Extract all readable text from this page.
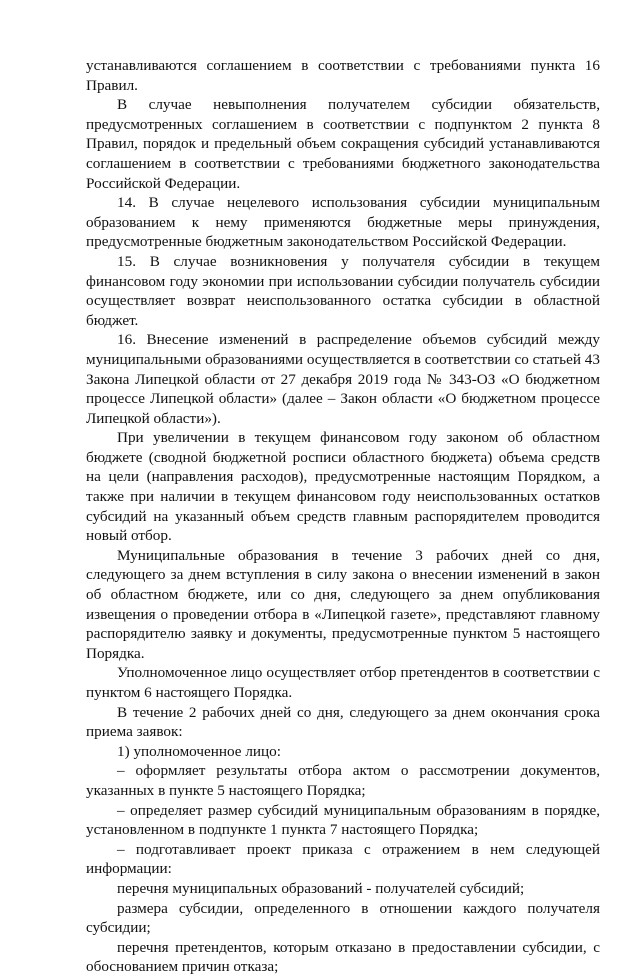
устанавливаются соглашением в соответствии с требованиями пункта 16 Правил.

В случае невыполнения получателем субсидии обязательств, предусмотренных соглашением в соответствии с подпунктом 2 пункта 8 Правил, порядок и предельный объем сокращения субсидий устанавливаются соглашением в соответствии с требованиями бюджетного законодательства Российской Федерации.

14. В случае нецелевого использования субсидии муниципальным образованием к нему применяются бюджетные меры принуждения, предусмотренные бюджетным законодательством Российской Федерации.

15. В случае возникновения у получателя субсидии в текущем финансовом году экономии при использовании субсидии получатель субсидии осуществляет возврат неиспользованного остатка субсидии в областной бюджет.

16. Внесение изменений в распределение объемов субсидий между муниципальными образованиями осуществляется в соответствии со статьей 43 Закона Липецкой области от 27 декабря 2019 года № 343-ОЗ «О бюджетном процессе Липецкой области» (далее – Закон области «О бюджетном процессе Липецкой области»).

При увеличении в текущем финансовом году законом об областном бюджете (сводной бюджетной росписи областного бюджета) объема средств на цели (направления расходов), предусмотренные настоящим Порядком, а также при наличии в текущем финансовом году неиспользованных остатков субсидий на указанный объем средств главным распорядителем проводится новый отбор.

Муниципальные образования в течение 3 рабочих дней со дня, следующего за днем вступления в силу закона о внесении изменений в закон об областном бюджете, или со дня, следующего за днем опубликования извещения о проведении отбора в «Липецкой газете», представляют главному распорядителю заявку и документы, предусмотренные пунктом 5 настоящего Порядка.

Уполномоченное лицо осуществляет отбор претендентов в соответствии с пунктом 6 настоящего Порядка.

В течение 2 рабочих дней со дня, следующего за днем окончания срока приема заявок:

1) уполномоченное лицо:

– оформляет результаты отбора актом о рассмотрении документов, указанных в пункте 5 настоящего Порядка;

– определяет размер субсидий муниципальным образованиям в порядке, установленном в подпункте 1 пункта 7 настоящего Порядка;

– подготавливает проект приказа с отражением в нем следующей информации:

перечня муниципальных образований - получателей субсидий;

размера субсидии, определенного в отношении каждого получателя субсидии;

перечня претендентов, которым отказано в предоставлении субсидии, с обоснованием причин отказа;
